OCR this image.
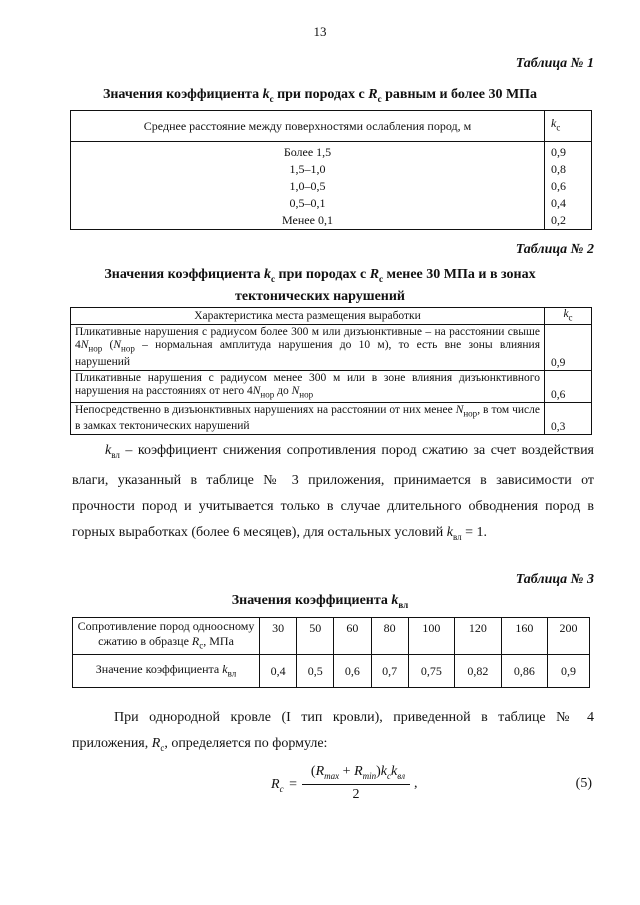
13
Таблица № 1
Значения коэффициента $k_c$ при породах с $R_c$ равным и более 30 МПа
Среднее расстояние между поверхностями ослабления пород, м	$k_c$
Более 1,5	0,9
1,5–1,0	0,8
1,0–0,5	0,6
0,5–0,1	0,4
Менее 0,1	0,2
Таблица № 2
Значения коэффициента $k_c$ при породах с $R_c$ менее 30 МПа и в зонах
тектонических нарушений
Характеристика места размещения выработки	$k_c$
Пликативные нарушения с радиусом более 300 м или дизъюнктивные – на расстоянии свыше $4N_{нор}$ ($N_{нор}$ – нормальная амплитуда нарушения до 10 м), то есть вне зоны влияния нарушений	0,9
Пликативные нарушения с радиусом менее 300 м или в зоне влияния дизъюнктивного нарушения на расстояниях от него $4N_{нор}$ до $N_{нор}$	0,6
Непосредственно в дизъюнктивных нарушениях на расстоянии от них менее $N_{нор}$, в том числе в замках тектонических нарушений	0,3
$k_{вл}$ – коэффициент снижения сопротивления пород сжатию за счет воздействия влаги, указанный в таблице № 3 приложения, принимается в зависимости от прочности пород и учитывается только в случае длительного обводнения пород в горных выработках (более 6 месяцев), для остальных условий $k_{вл} = 1$.
Таблица № 3
Значения коэффициента $k_{вл}$
Сопротивление пород одноосному сжатию в образце $R_c$, МПа	30	50	60	80	100	120	160	200
Значение коэффициента $k_{вл}$	0,4	0,5	0,6	0,7	0,75	0,82	0,86	0,9
При однородной кровле (I тип кровли), приведенной в таблице № 4 приложения, $R_c$, определяется по формуле:
$R_c$ =
$(R_{max} + R_{min})k_ck_{вл}$
2
,	(5)
